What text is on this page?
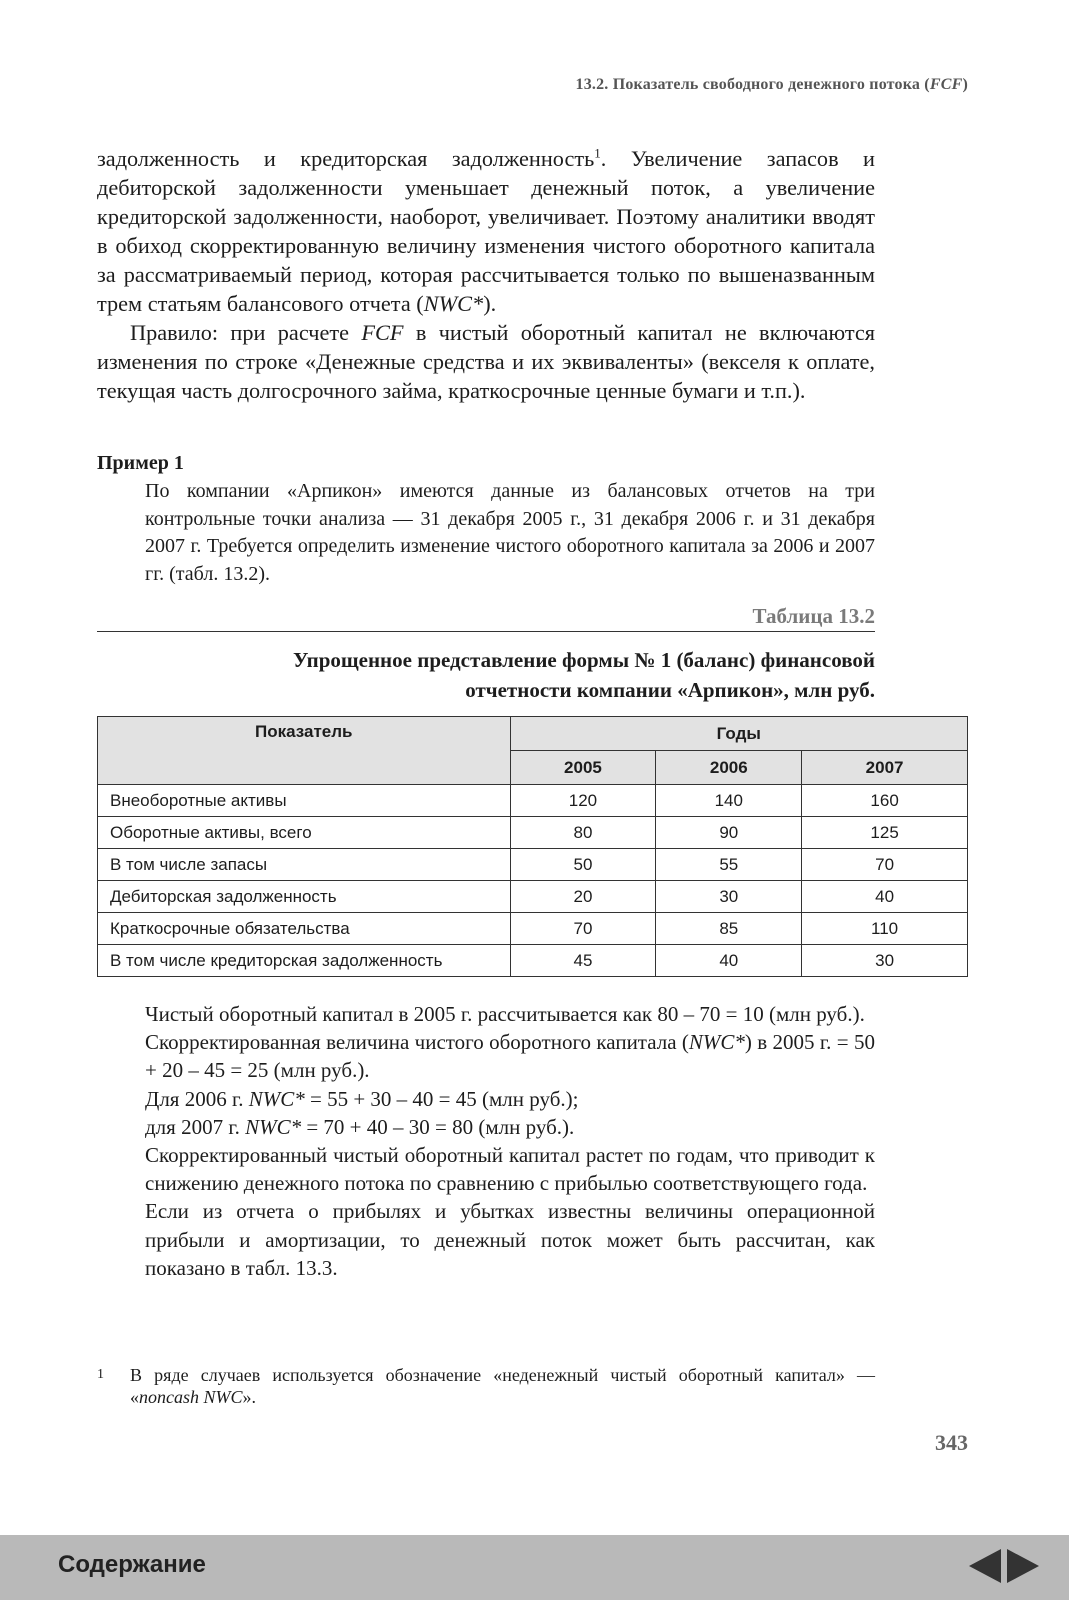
13.2. Показатель свободного денежного потока (FCF)

задолженность и кредиторская задолженность$^1$. Увеличение запасов и дебиторской задолженности уменьшает денежный поток, а увеличение кредиторской задолженности, наоборот, увеличивает. Поэтому аналитики вводят в обиход скорректированную величину изменения чистого оборотного капитала за рассматриваемый период, которая рассчитывается только по вышеназванным трем статьям балансового отчета (NWC*).

Правило: при расчете FCF в чистый оборотный капитал не включаются изменения по строке «Денежные средства и их эквиваленты» (векселя к оплате, текущая часть долгосрочного займа, краткосрочные ценные бумаги и т.п.).

Пример 1
По компании «Арпикон» имеются данные из балансовых отчетов на три контрольные точки анализа — 31 декабря 2005 г., 31 декабря 2006 г. и 31 декабря 2007 г. Требуется определить изменение чистого оборотного капитала за 2006 и 2007 гг. (табл. 13.2).
Таблица 13.2
Упрощенное представление формы № 1 (баланс) финансовой
отчетности компании «Арпикон», млн руб.
Показатель	Годы		
	2005	2006	2007
Внеоборотные активы	120	140	160
Оборотные активы, всего	80	90	125
В том числе запасы	50	55	70
Дебиторская задолженность	20	30	40
Краткосрочные обязательства	70	85	110
В том числе кредиторская задолженность	45	40	30

Чистый оборотный капитал в 2005 г. рассчитывается как 80 – 70 = 10 (млн руб.).

Скорректированная величина чистого оборотного капитала (NWC*) в 2005 г. = 50 + 20 – 45 = 25 (млн руб.).

Для 2006 г. NWC* = 55 + 30 – 40 = 45 (млн руб.);

для 2007 г. NWC* = 70 + 40 – 30 = 80 (млн руб.).

Скорректированный чистый оборотный капитал растет по годам, что приводит к снижению денежного потока по сравнению с прибылью соответствующего года.

Если из отчета о прибылях и убытках известны величины операционной прибыли и амортизации, то денежный поток может быть рассчитан, как показано в табл. 13.3.

1 В ряде случаев используется обозначение «неденежный чистый оборотный капитал» — «noncash NWC».
343
Содержание
